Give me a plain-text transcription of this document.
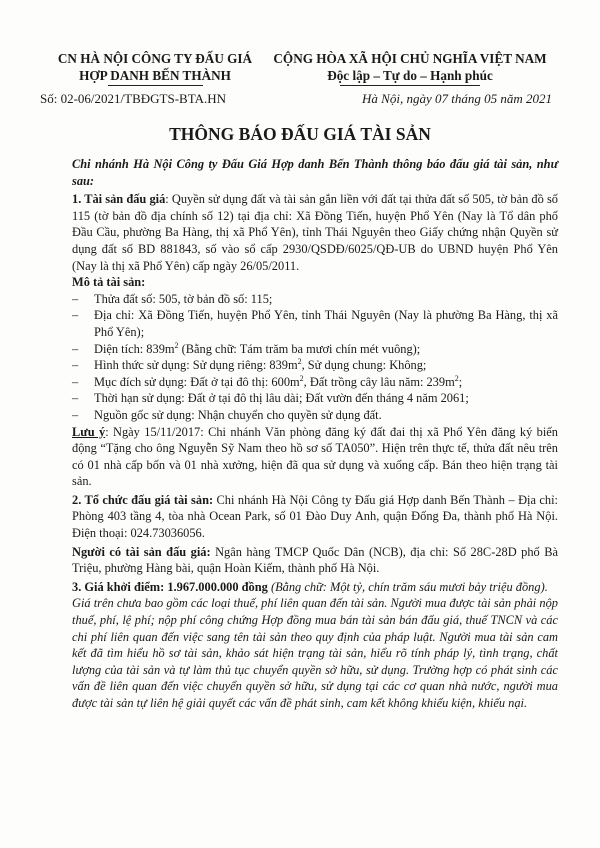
CN HÀ NỘI CÔNG TY ĐẤU GIÁ
HỢP DANH BẾN THÀNH
CỘNG HÒA XÃ HỘI CHỦ NGHĨA VIỆT NAM
Độc lập – Tự do – Hạnh phúc
Số: 02-06/2021/TBĐGTS-BTA.HN	Hà Nội, ngày 07 tháng 05 năm 2021
THÔNG BÁO ĐẤU GIÁ TÀI SẢN

Chi nhánh Hà Nội Công ty Đấu Giá Hợp danh Bến Thành thông báo đấu giá tài sản, như sau:

1. Tài sản đấu giá: Quyền sử dụng đất và tài sản gắn liền với đất tại thửa đất số 505, tờ bản đồ số 115 (tờ bản đồ địa chính số 12) tại địa chỉ: Xã Đồng Tiến, huyện Phổ Yên (Nay là Tổ dân phố Đầu Cầu, phường Ba Hàng, thị xã Phổ Yên), tỉnh Thái Nguyên theo Giấy chứng nhận Quyền sử dụng đất số BD 881843, số vào sổ cấp 2930/QSDĐ/6025/QĐ-UB do UBND huyện Phổ Yên (Nay là thị xã Phổ Yên) cấp ngày 26/05/2011.

Mô tả tài sản:

–	Thửa đất số: 505, tờ bản đồ số: 115;
–	Địa chỉ: Xã Đồng Tiến, huyện Phổ Yên, tỉnh Thái Nguyên (Nay là phường Ba Hàng, thị xã Phổ Yên);
–	Diện tích: $839m^2$ (Bằng chữ: Tám trăm ba mươi chín mét vuông);
–	Hình thức sử dụng: Sử dụng riêng: $839m^2$, Sử dụng chung: Không;
–	Mục đích sử dụng: Đất ở tại đô thị: $600m^2$, Đất trồng cây lâu năm: $239m^2$;
–	Thời hạn sử dụng: Đất ở tại đô thị lâu dài; Đất vườn đến tháng 4 năm 2061;
–	Nguồn gốc sử dụng: Nhận chuyển cho quyền sử dụng đất.

Lưu ý: Ngày 15/11/2017: Chi nhánh Văn phòng đăng ký đất đai thị xã Phổ Yên đăng ký biến động “Tặng cho ông Nguyễn Sỹ Nam theo hồ sơ số TA050”. Hiện trên thực tế, thửa đất nêu trên có 01 nhà cấp bốn và 01 nhà xưởng, hiện đã qua sử dụng và xuống cấp. Bán theo hiện trạng tài sản.

2. Tổ chức đấu giá tài sản: Chi nhánh Hà Nội Công ty Đấu giá Hợp danh Bến Thành – Địa chỉ: Phòng 403 tầng 4, tòa nhà Ocean Park, số 01 Đào Duy Anh, quận Đống Đa, thành phố Hà Nội. Điện thoại: 024.73036056.

Người có tài sản đấu giá: Ngân hàng TMCP Quốc Dân (NCB), địa chỉ: Số 28C-28D phố Bà Triệu, phường Hàng bài, quận Hoàn Kiếm, thành phố Hà Nội.

3. Giá khởi điểm: 1.967.000.000 đồng (Bằng chữ: Một tỷ, chín trăm sáu mươi bảy triệu đồng).

Giá trên chưa bao gồm các loại thuế, phí liên quan đến tài sản. Người mua được tài sản phải nộp thuế, phí, lệ phí; nộp phí công chứng Hợp đồng mua bán tài sản bán đấu giá, thuế TNCN và các chi phí liên quan đến việc sang tên tài sản theo quy định của pháp luật. Người mua tài sản cam kết đã tìm hiểu hồ sơ tài sản, khảo sát hiện trạng tài sản, hiểu rõ tính pháp lý, tình trạng, chất lượng của tài sản và tự làm thủ tục chuyển quyền sở hữu, sử dụng. Trường hợp có phát sinh các vấn đề liên quan đến việc chuyển quyền sở hữu, sử dụng tại các cơ quan nhà nước, người mua được tài sản tự liên hệ giải quyết các vấn đề phát sinh, cam kết không khiếu kiện, khiếu nại.
